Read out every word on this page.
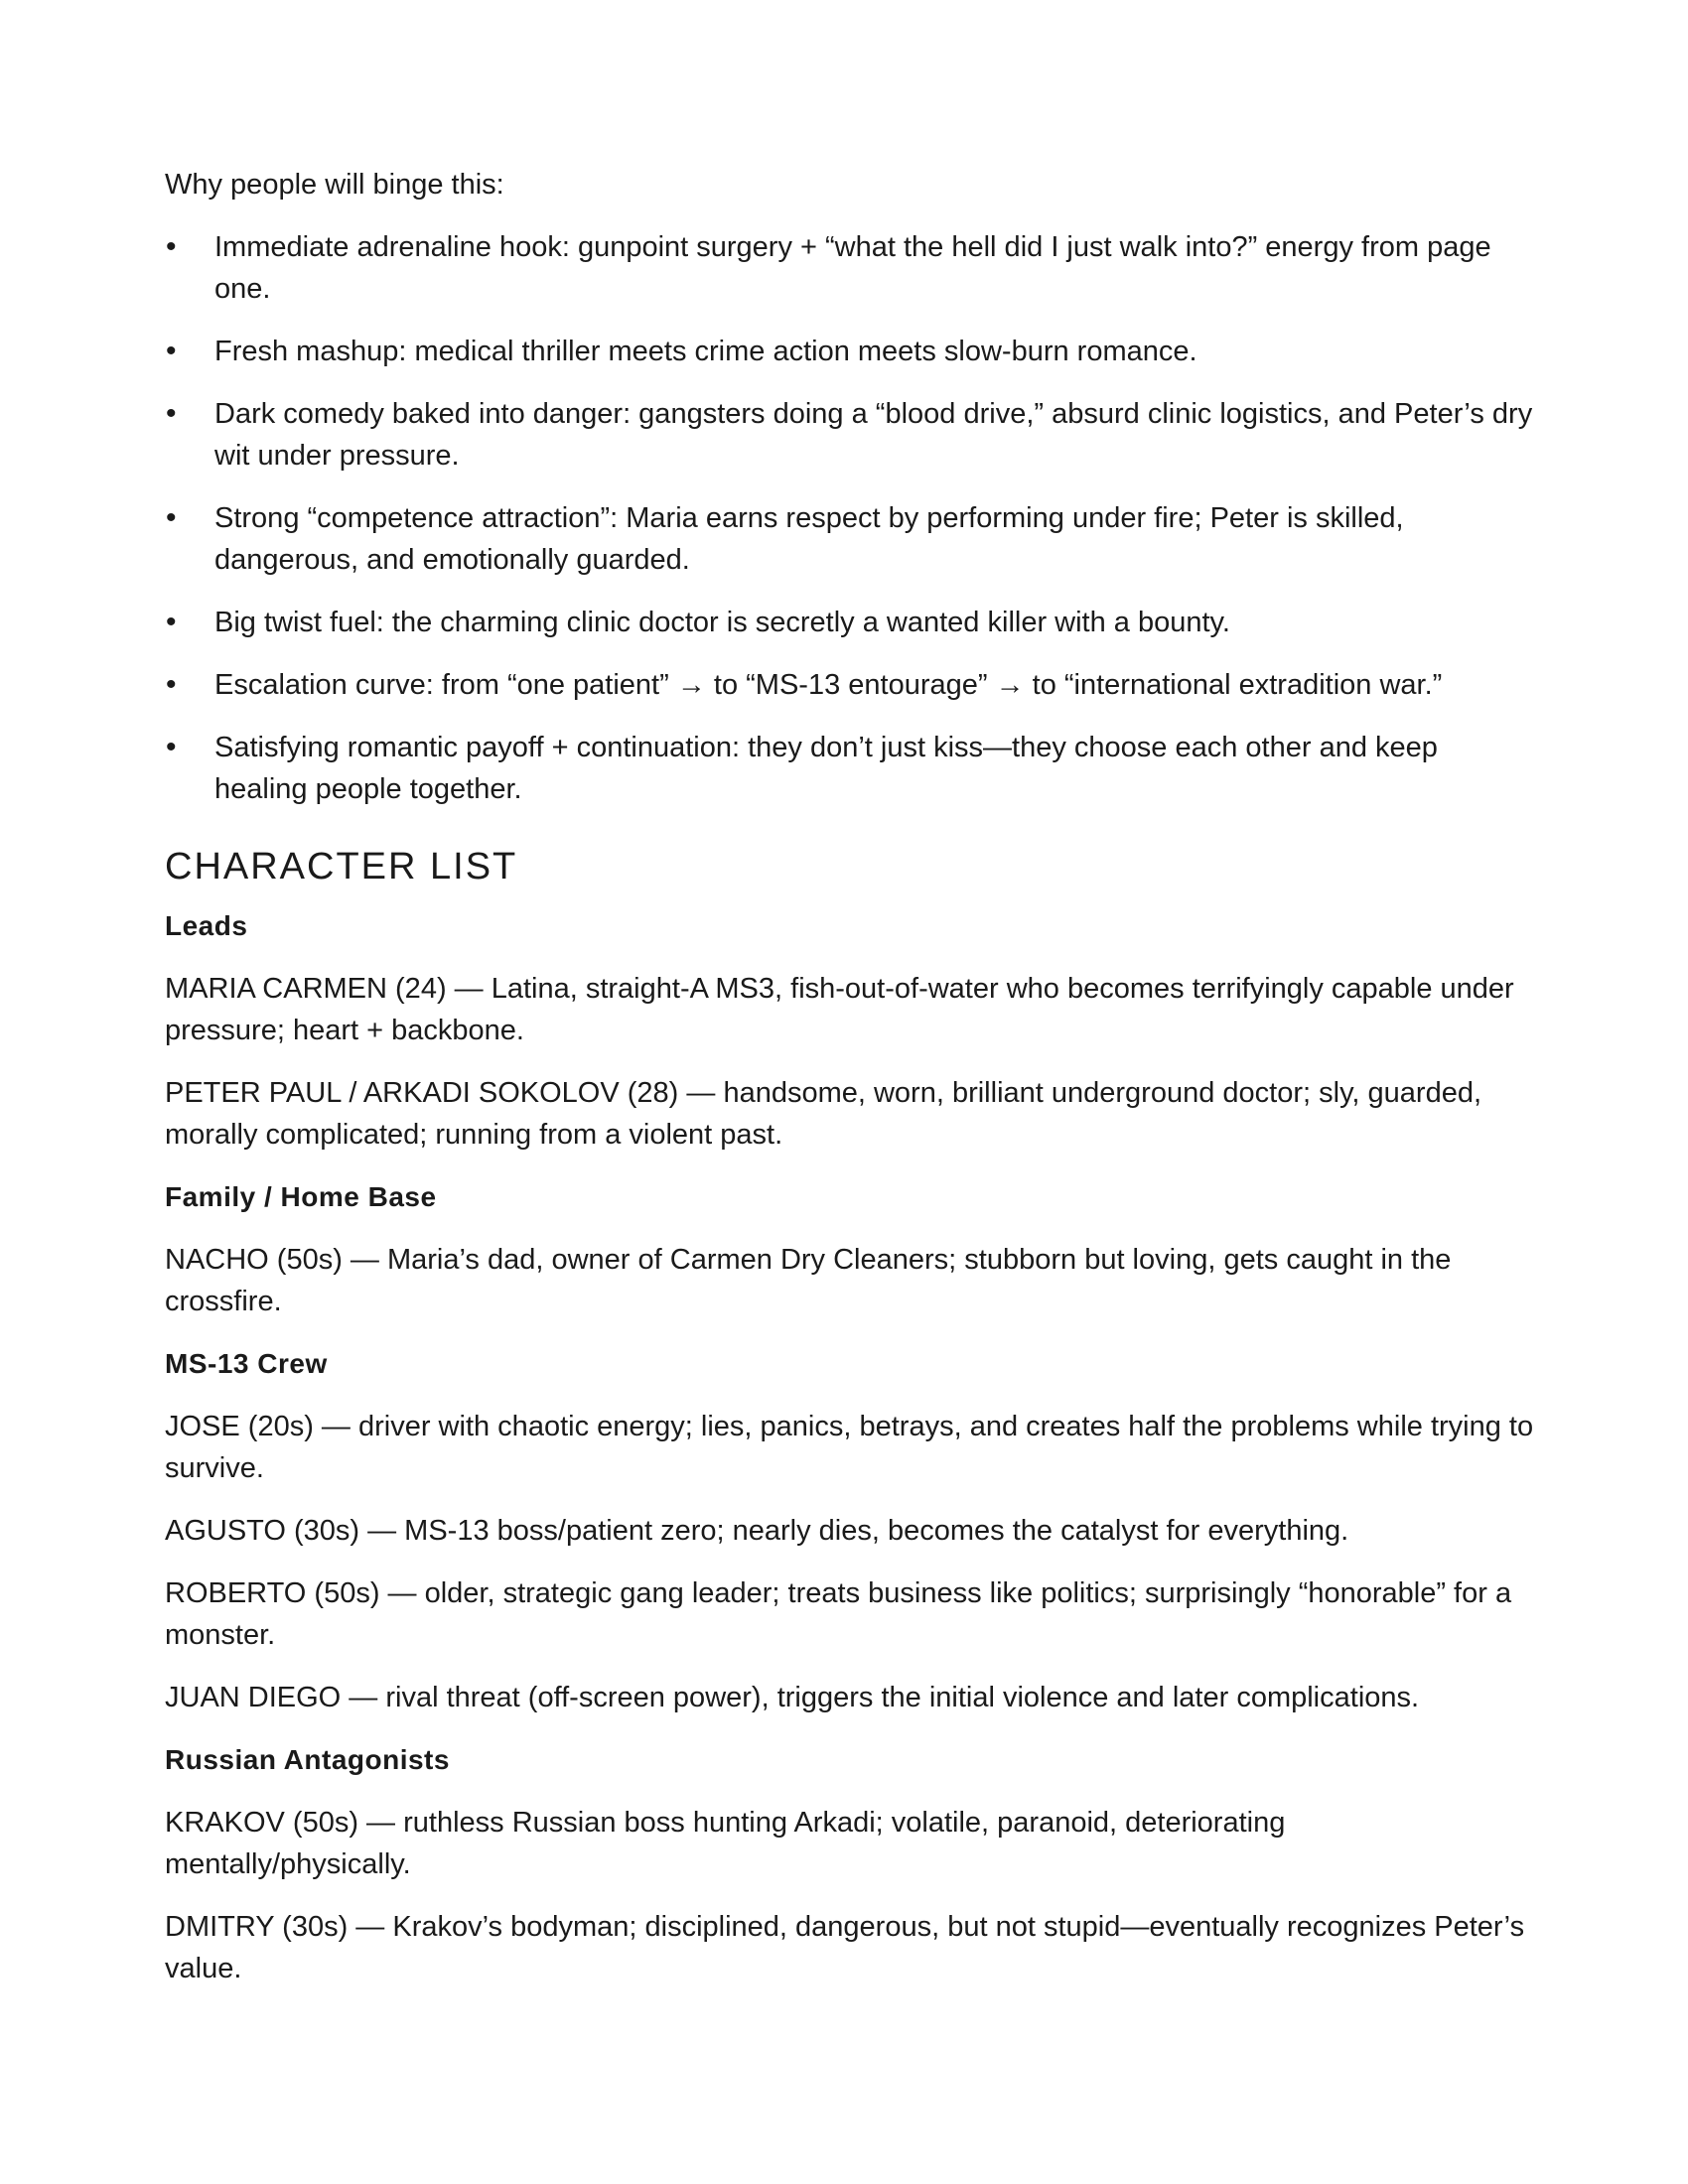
Why people will binge this:

• Immediate adrenaline hook: gunpoint surgery + “what the hell did I just walk into?” energy from page one.
• Fresh mashup: medical thriller meets crime action meets slow-burn romance.
• Dark comedy baked into danger: gangsters doing a “blood drive,” absurd clinic logistics, and Peter’s dry wit under pressure.
• Strong “competence attraction”: Maria earns respect by performing under fire; Peter is skilled, dangerous, and emotionally guarded.
• Big twist fuel: the charming clinic doctor is secretly a wanted killer with a bounty.
• Escalation curve: from “one patient” → to “MS-13 entourage” → to “international extradition war.”
• Satisfying romantic payoff + continuation: they don’t just kiss—they choose each other and keep healing people together.
CHARACTER LIST
Leads

MARIA CARMEN (24) — Latina, straight-A MS3, fish-out-of-water who becomes terrifyingly capable under pressure; heart + backbone.

PETER PAUL / ARKADI SOKOLOV (28) — handsome, worn, brilliant underground doctor; sly, guarded, morally complicated; running from a violent past.

Family / Home Base

NACHO (50s) — Maria’s dad, owner of Carmen Dry Cleaners; stubborn but loving, gets caught in the crossfire.

MS-13 Crew

JOSE (20s) — driver with chaotic energy; lies, panics, betrays, and creates half the problems while trying to survive.

AGUSTO (30s) — MS-13 boss/patient zero; nearly dies, becomes the catalyst for everything.

ROBERTO (50s) — older, strategic gang leader; treats business like politics; surprisingly “honorable” for a monster.

JUAN DIEGO — rival threat (off-screen power), triggers the initial violence and later complications.

Russian Antagonists

KRAKOV (50s) — ruthless Russian boss hunting Arkadi; volatile, paranoid, deteriorating mentally/physically.

DMITRY (30s) — Krakov’s bodyman; disciplined, dangerous, but not stupid—eventually recognizes Peter’s value.
